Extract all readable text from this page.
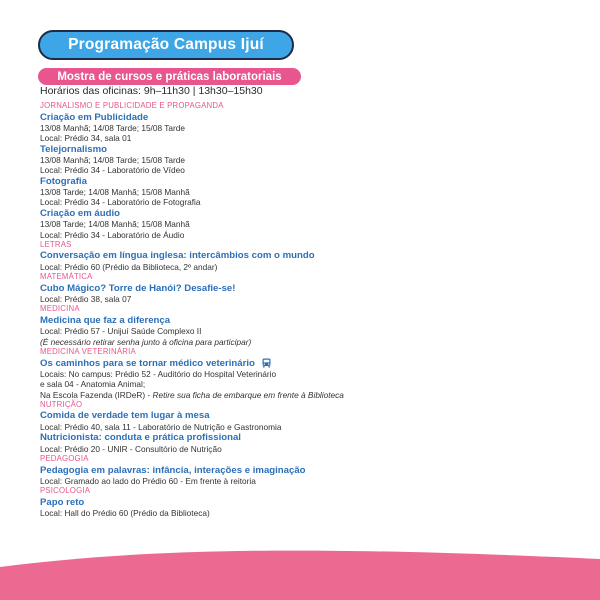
Programação Campus Ijuí
Mostra de cursos e práticas laboratoriais
Horários das oficinas: 9h–11h30 | 13h30–15h30
JORNALISMO E PUBLICIDADE E PROPAGANDA
Criação em Publicidade
13/08 Manhã; 14/08 Tarde; 15/08 Tarde
Local: Prédio 34, sala 01
Telejornalismo
13/08 Manhã; 14/08 Tarde; 15/08 Tarde
Local: Prédio 34 - Laboratório de Vídeo
Fotografia
13/08 Tarde; 14/08 Manhã; 15/08 Manhã
Local: Prédio 34 - Laboratório de Fotografia
Criação em áudio
13/08 Tarde; 14/08 Manhã; 15/08 Manhã
Local: Prédio 34 - Laboratório de Áudio
LETRAS
Conversação em língua inglesa: intercâmbios com o mundo
Local: Prédio 60 (Prédio da Biblioteca, 2º andar)
MATEMÁTICA
Cubo Mágico? Torre de Hanói? Desafie-se!
Local: Prédio 38, sala 07
MEDICINA
Medicina que faz a diferença
Local: Prédio 57 - Unijuí Saúde Complexo II
(É necessário retirar senha junto à oficina para participar)
MEDICINA VETERINÁRIA
Os caminhos para se tornar médico veterinário
Locais: No campus: Prédio 52 - Auditório do Hospital Veterinário
e sala 04 - Anatomia Animal;
Na Escola Fazenda (IRDeR) - Retire sua ficha de embarque em frente à Biblioteca
NUTRIÇÃO
Comida de verdade tem lugar à mesa
Local: Prédio 40, sala 11 - Laboratório de Nutrição e Gastronomia
Nutricionista: conduta e prática profissional
Local: Prédio 20 - UNIR - Consultório de Nutrição
PEDAGOGIA
Pedagogia em palavras: infância, interações e imaginação
Local: Gramado ao lado do Prédio 60 - Em frente à reitoria
PSICOLOGIA
Papo reto
Local: Hall do Prédio 60 (Prédio da Biblioteca)
